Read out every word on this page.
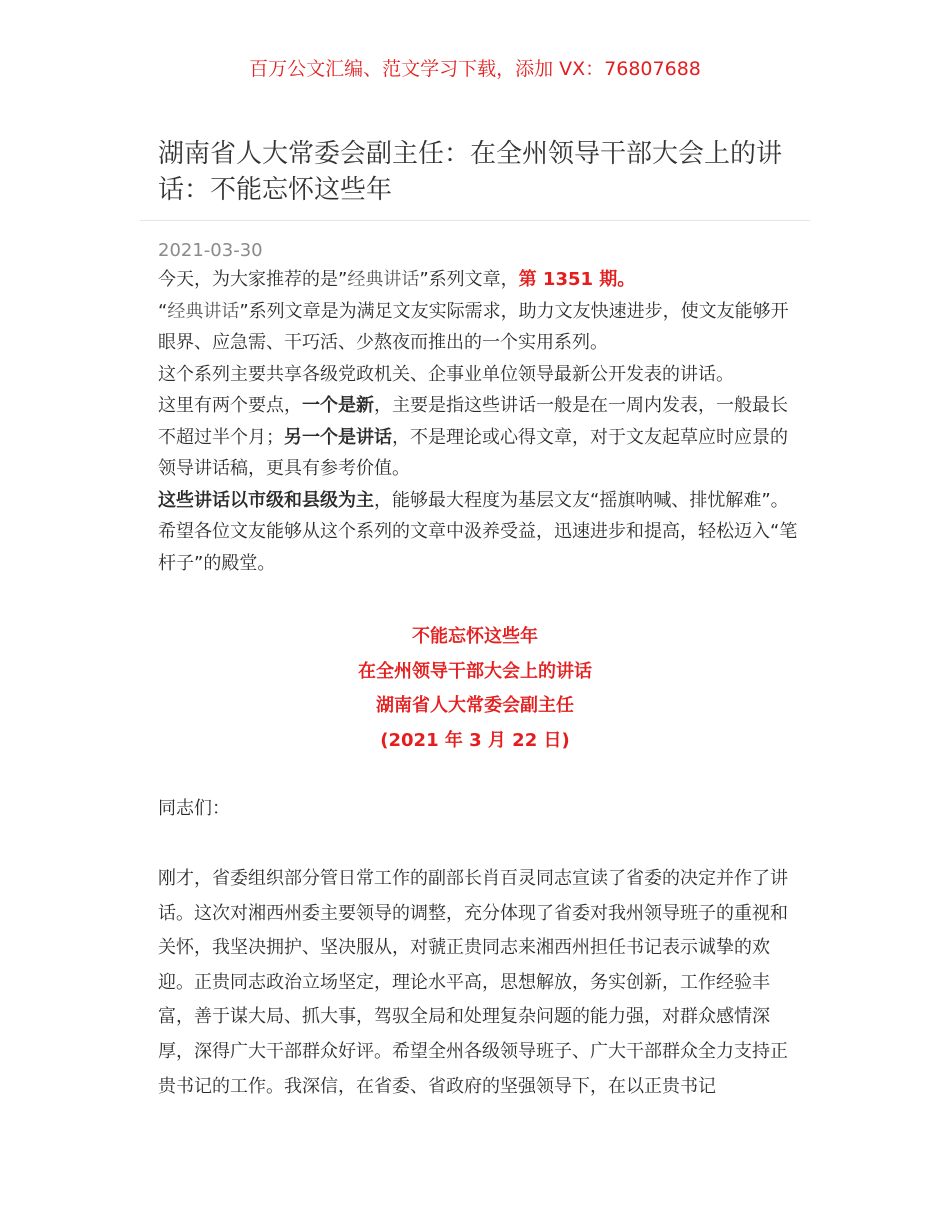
百万公文汇编、范文学习下载，添加 VX：76807688
湖南省人大常委会副主任：在全州领导干部大会上的讲话：不能忘怀这些年
2021-03-30

今天，为大家推荐的是”经典讲话”系列文章，第 1351 期。

“经典讲话”系列文章是为满足文友实际需求，助力文友快速进步，使文友能够开眼界、应急需、干巧活、少熬夜而推出的一个实用系列。

这个系列主要共享各级党政机关、企事业单位领导最新公开发表的讲话。

这里有两个要点，一个是新，主要是指这些讲话一般是在一周内发表，一般最长不超过半个月；另一个是讲话，不是理论或心得文章，对于文友起草应时应景的领导讲话稿，更具有参考价值。

这些讲话以市级和县级为主，能够最大程度为基层文友“摇旗呐喊、排忧解难”。希望各位文友能够从这个系列的文章中汲养受益，迅速进步和提高，轻松迈入“笔杆子”的殿堂。

不能忘怀这些年
在全州领导干部大会上的讲话
湖南省人大常委会副主任
(2021 年 3 月 22 日)
同志们：

刚才，省委组织部分管日常工作的副部长肖百灵同志宣读了省委的决定并作了讲话。这次对湘西州委主要领导的调整，充分体现了省委对我州领导班子的重视和关怀，我坚决拥护、坚决服从，对虢正贵同志来湘西州担任书记表示诚挚的欢迎。正贵同志政治立场坚定，理论水平高，思想解放，务实创新，工作经验丰富，善于谋大局、抓大事，驾驭全局和处理复杂问题的能力强，对群众感情深厚，深得广大干部群众好评。希望全州各级领导班子、广大干部群众全力支持正贵书记的工作。我深信，在省委、省政府的坚强领导下，在以正贵书记
